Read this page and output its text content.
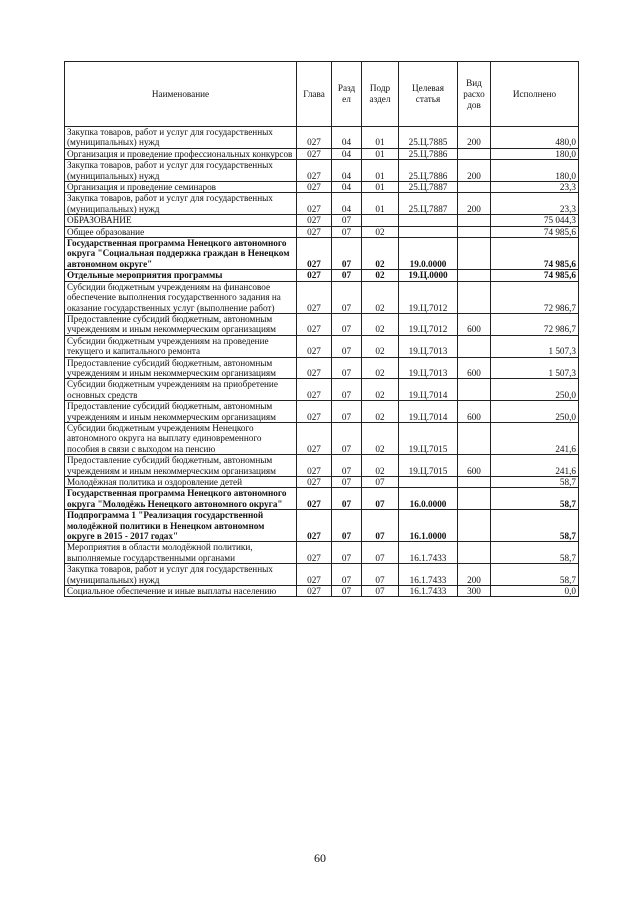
Наименование	Глава	Разд ел	Подр аздел	Целевая статья	Вид расхо дов	Исполнено
Закупка товаров, работ и услуг для государственных (муниципальных) нужд	027	04	01	25.Ц.7885	200	480,0
Организация и проведение профессиональных конкурсов	027	04	01	25.Ц.7886		180,0
Закупка товаров, работ и услуг для государственных (муниципальных) нужд	027	04	01	25.Ц.7886	200	180,0
Организация и проведение семинаров	027	04	01	25.Ц.7887		23,3
Закупка товаров, работ и услуг для государственных (муниципальных) нужд	027	04	01	25.Ц.7887	200	23,3
ОБРАЗОВАНИЕ	027	07				75 044,3
Общее образование	027	07	02			74 985,6
Государственная программа Ненецкого автономного округа "Социальная поддержка граждан в Ненецком автономном округе"	027	07	02	19.0.0000		74 985,6
Отдельные мероприятия программы	027	07	02	19.Ц.0000		74 985,6
Субсидии бюджетным учреждениям на финансовое обеспечение выполнения государственного задания на оказание государственных услуг (выполнение работ)	027	07	02	19.Ц.7012		72 986,7
Предоставление субсидий бюджетным, автономным учреждениям и иным некоммерческим организациям	027	07	02	19.Ц.7012	600	72 986,7
Субсидии бюджетным учреждениям на проведение текущего и капитального ремонта	027	07	02	19.Ц.7013		1 507,3
Предоставление субсидий бюджетным, автономным учреждениям и иным некоммерческим организациям	027	07	02	19.Ц.7013	600	1 507,3
Субсидии бюджетным учреждениям на приобретение основных средств	027	07	02	19.Ц.7014		250,0
Предоставление субсидий бюджетным, автономным учреждениям и иным некоммерческим организациям	027	07	02	19.Ц.7014	600	250,0
Субсидии бюджетным учреждениям Ненецкого автономного округа на выплату единовременного пособия в связи с выходом на пенсию	027	07	02	19.Ц.7015		241,6
Предоставление субсидий бюджетным, автономным учреждениям и иным некоммерческим организациям	027	07	02	19.Ц.7015	600	241,6
Молодёжная политика и оздоровление детей	027	07	07			58,7
Государственная программа Ненецкого автономного округа "Молодёжь Ненецкого автономного округа"	027	07	07	16.0.0000		58,7
Подпрограмма 1 "Реализация государственной молодёжной политики в Ненецком автономном округе в 2015 - 2017 годах"	027	07	07	16.1.0000		58,7
Мероприятия в области молодёжной политики, выполняемые государственными органами	027	07	07	16.1.7433		58,7
Закупка товаров, работ и услуг для государственных (муниципальных) нужд	027	07	07	16.1.7433	200	58,7
Социальное обеспечение и иные выплаты населению	027	07	07	16.1.7433	300	0,0
60
